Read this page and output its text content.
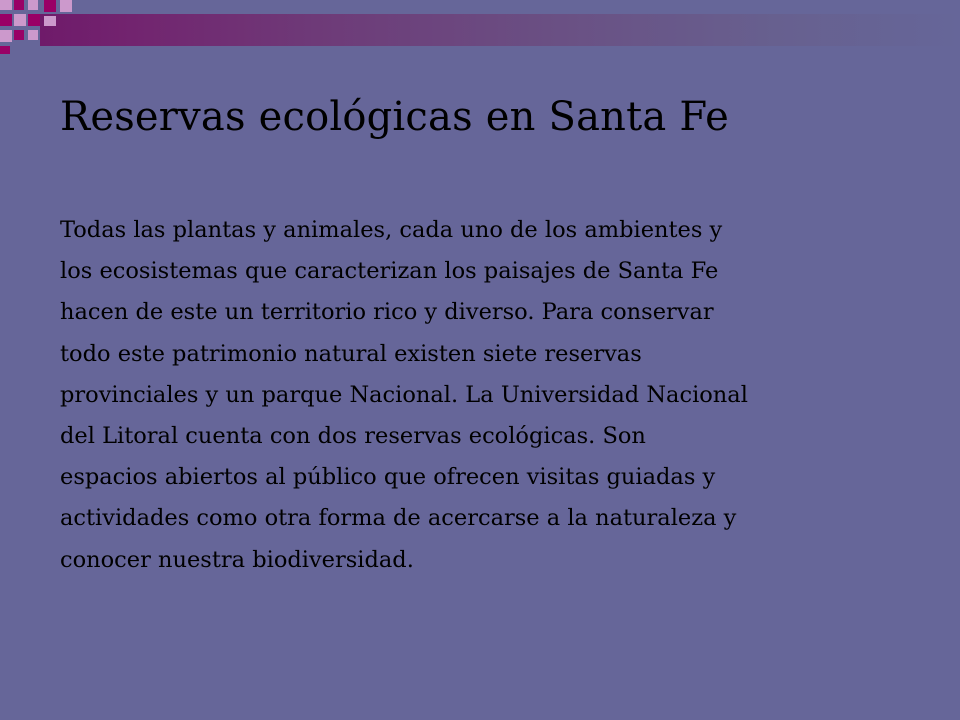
Reservas ecológicas en Santa Fe
Todas las plantas y animales, cada uno de los ambientes y
los ecosistemas que caracterizan los paisajes de Santa Fe
hacen de este un territorio rico y diverso. Para conservar
todo este patrimonio natural existen siete reservas
provinciales y un parque Nacional. La Universidad Nacional
del Litoral cuenta con dos reservas ecológicas. Son
espacios abiertos al público que ofrecen visitas guiadas y
actividades como otra forma de acercarse a la naturaleza y
conocer nuestra biodiversidad.
